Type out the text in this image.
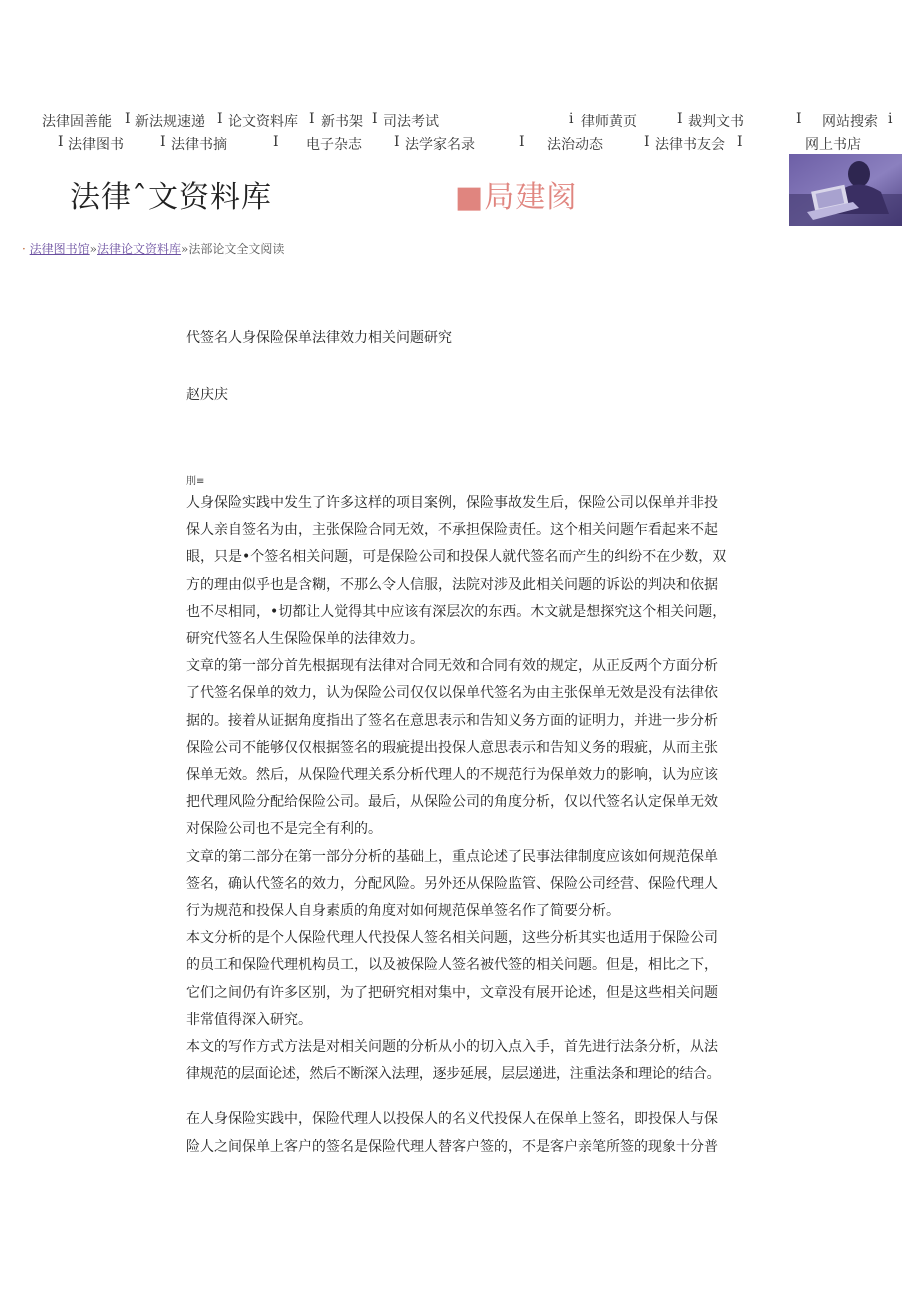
法律固善能 I 新法规速递 I 论文资料库 I 新书架 I 司法考试	i 律师黄页	I 裁判文书	I 网站搜索 i
I 法律图书	I 法律书摘	I 电子杂志 I 法学家名录	I 法治动态	I 法律书友会 I	网上书店
法律ˆ文资料库	■局建阂
· 法律图书馆»法律论文资料库»法部论文全文阅读
代签名人身保险保单法律效力相关问题研究
赵庆庆
刖≡

人身保险实践中发生了许多这样的项目案例，保险事故发生后，保险公司以保单并非投

保人亲自签名为由，主张保险合同无效，不承担保险责任。这个相关问题乍看起来不起

眼，只是•个签名相关问题，可是保险公司和投保人就代签名而产生的纠纷不在少数，双

方的理由似乎也是含糊，不那么令人信服，法院对涉及此相关问题的诉讼的判决和依据

也不尽相同，•切都让人觉得其中应该有深层次的东西。木文就是想探究这个相关问题，

研究代签名人生保险保单的法律效力。

文章的第一部分首先根据现有法律对合同无效和合同有效的规定，从正反两个方面分析

了代签名保单的效力，认为保险公司仅仅以保单代签名为由主张保单无效是没有法律依

据的。接着从证据角度指出了签名在意思表示和告知义务方面的证明力，并进一步分析

保险公司不能够仅仅根据签名的瑕疵提出投保人意思表示和告知义务的瑕疵，从而主张

保单无效。然后，从保险代理关系分析代理人的不规范行为保单效力的影响，认为应该

把代理风险分配给保险公司。最后，从保险公司的角度分析，仅以代签名认定保单无效

对保险公司也不是完全有利的。

文章的第二部分在第一部分分析的基础上，重点论述了民事法律制度应该如何规范保单

签名，确认代签名的效力，分配风险。另外还从保险监管、保险公司经营、保险代理人

行为规范和投保人自身素质的角度对如何规范保单签名作了简要分析。

本文分析的是个人保险代理人代投保人签名相关问题，这些分析其实也适用于保险公司

的员工和保险代理机构员工，以及被保险人签名被代签的相关问题。但是，相比之下，

它们之间仍有许多区别，为了把研究相对集中，文章没有展开论述，但是这些相关问题

非常值得深入研究。

本文的写作方式方法是对相关问题的分析从小的切入点入手，首先进行法条分析，从法

律规范的层面论述，然后不断深入法理，逐步延展，层层递进，注重法条和理论的结合。

在人身保险实践中，保险代理人以投保人的名义代投保人在保单上签名，即投保人与保

险人之间保单上客户的签名是保险代理人替客户签的，不是客户亲笔所签的现象十分普
